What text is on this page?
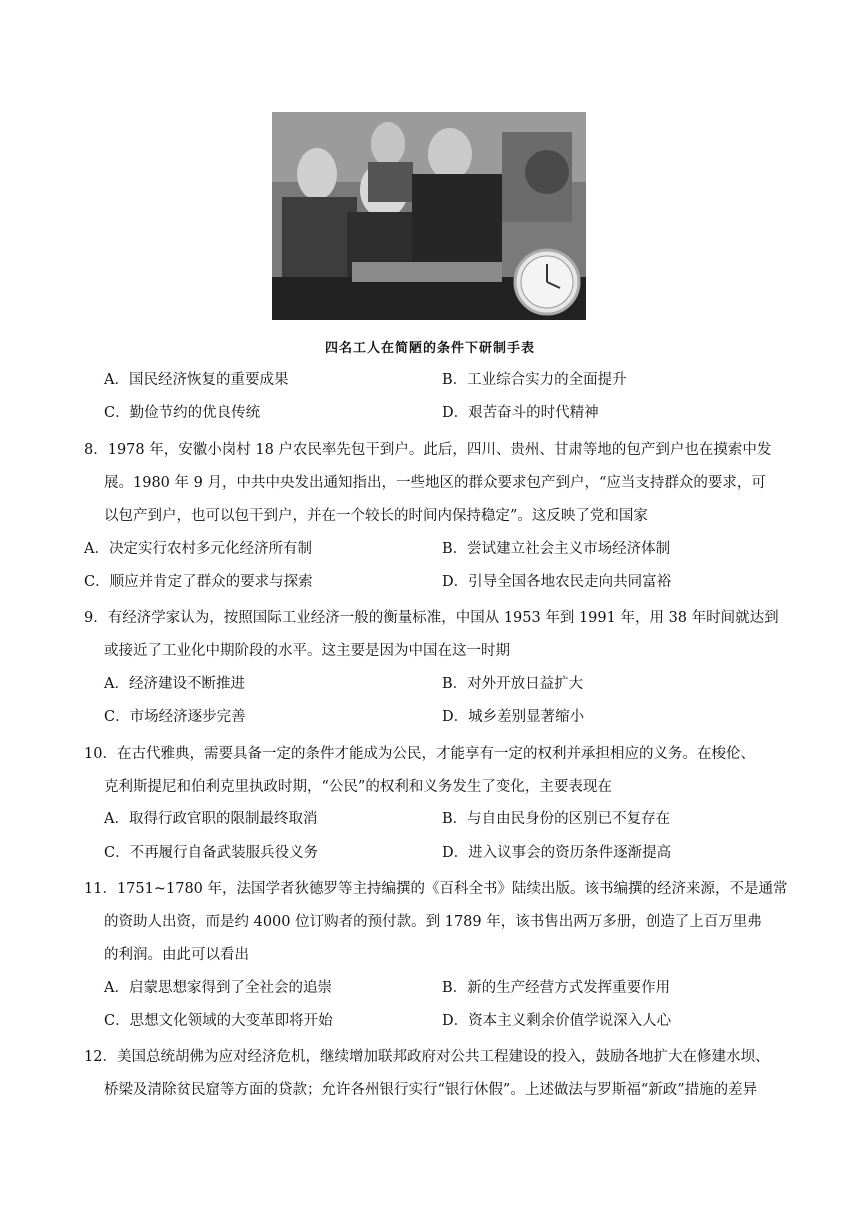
四名工人在简陋的条件下研制手表
A．国民经济恢复的重要成果	B．工业综合实力的全面提升
C．勤俭节约的优良传统	D．艰苦奋斗的时代精神
8．1978 年，安徽小岗村 18 户农民率先包干到户。此后，四川、贵州、甘肃等地的包产到户也在摸索中发
展。1980 年 9 月，中共中央发出通知指出，一些地区的群众要求包产到户，“应当支持群众的要求，可
以包产到户，也可以包干到户，并在一个较长的时间内保持稳定”。这反映了党和国家
A．决定实行农村多元化经济所有制	B．尝试建立社会主义市场经济体制
C．顺应并肯定了群众的要求与探索	D．引导全国各地农民走向共同富裕
9．有经济学家认为，按照国际工业经济一般的衡量标准，中国从 1953 年到 1991 年，用 38 年时间就达到
或接近了工业化中期阶段的水平。这主要是因为中国在这一时期
A．经济建设不断推进	B．对外开放日益扩大
C．市场经济逐步完善	D．城乡差别显著缩小
10．在古代雅典，需要具备一定的条件才能成为公民，才能享有一定的权利并承担相应的义务。在梭伦、
克利斯提尼和伯利克里执政时期，“公民”的权利和义务发生了变化，主要表现在
A．取得行政官职的限制最终取消	B．与自由民身份的区别已不复存在
C．不再履行自备武装服兵役义务	D．进入议事会的资历条件逐渐提高
11．1751~1780 年，法国学者狄德罗等主持编撰的《百科全书》陆续出版。该书编撰的经济来源，不是通常
的资助人出资，而是约 4000 位订购者的预付款。到 1789 年，该书售出两万多册，创造了上百万里弗
的利润。由此可以看出
A．启蒙思想家得到了全社会的追崇	B．新的生产经营方式发挥重要作用
C．思想文化领域的大变革即将开始	D．资本主义剩余价值学说深入人心
12．美国总统胡佛为应对经济危机，继续增加联邦政府对公共工程建设的投入，鼓励各地扩大在修建水坝、
桥梁及清除贫民窟等方面的贷款；允许各州银行实行“银行休假”。上述做法与罗斯福“新政”措施的差异
